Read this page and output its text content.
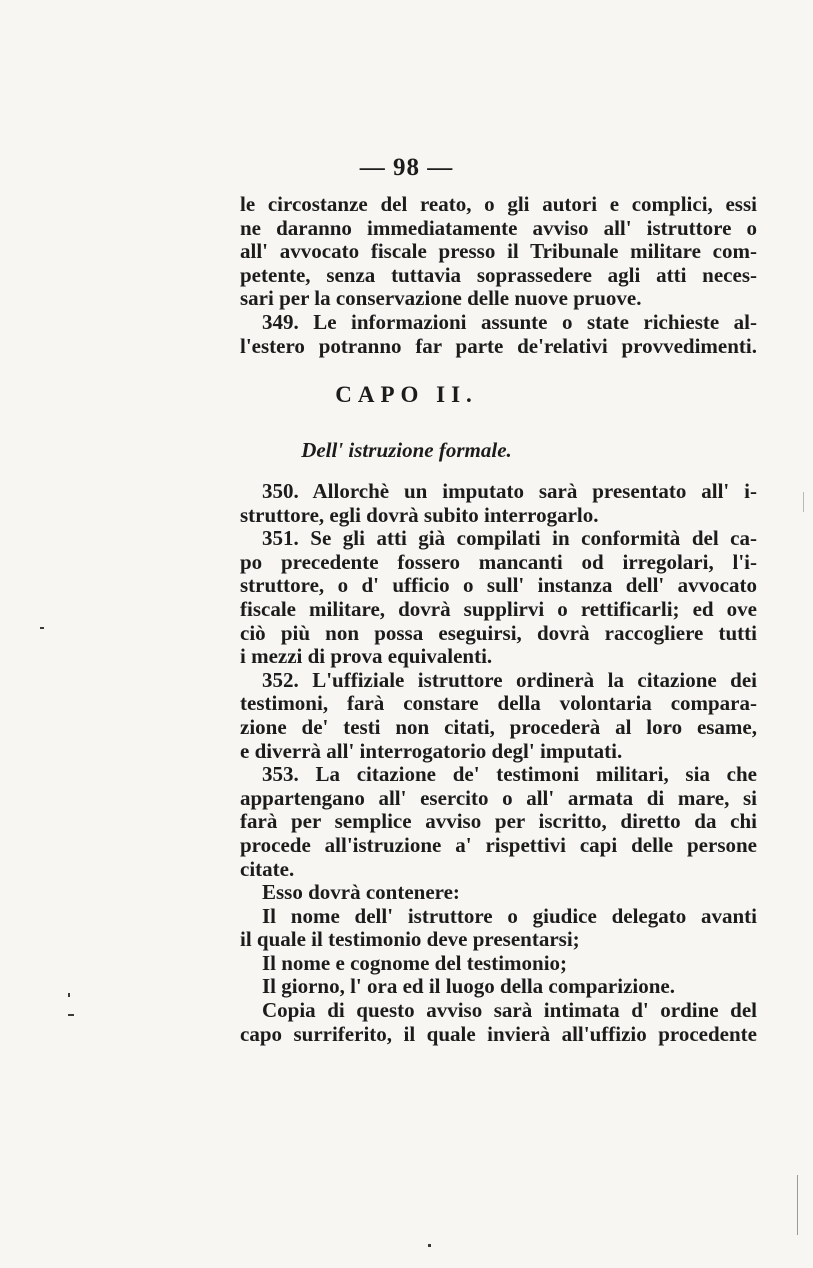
— 98 —
le circostanze del reato, o gli autori e complici, essi
ne daranno immediatamente avviso all' istruttore o
all' avvocato fiscale presso il Tribunale militare com-
petente, senza tuttavia soprassedere agli atti neces-
sari per la conservazione delle nuove pruove.
349. Le informazioni assunte o state richieste al-
l'estero potranno far parte de'relativi provvedimenti.
CAPO II.
Dell' istruzione formale.
350. Allorchè un imputato sarà presentato all' i-
struttore, egli dovrà subito interrogarlo.
351. Se gli atti già compilati in conformità del ca-
po precedente fossero mancanti od irregolari, l'i-
struttore, o d' ufficio o sull' instanza dell' avvocato
fiscale militare, dovrà supplirvi o rettificarli; ed ove
ciò più non possa eseguirsi, dovrà raccogliere tutti
i mezzi di prova equivalenti.
352. L'uffiziale istruttore ordinerà la citazione dei
testimoni, farà constare della volontaria compara-
zione de' testi non citati, procederà al loro esame,
e diverrà all' interrogatorio degl' imputati.
353. La citazione de' testimoni militari, sia che
appartengano all' esercito o all' armata di mare, si
farà per semplice avviso per iscritto, diretto da chi
procede all'istruzione a' rispettivi capi delle persone
citate.
Esso dovrà contenere:
Il nome dell' istruttore o giudice delegato avanti
il quale il testimonio deve presentarsi;
Il nome e cognome del testimonio;
Il giorno, l' ora ed il luogo della comparizione.
Copia di questo avviso sarà intimata d' ordine del
capo surriferito, il quale invierà all'uffizio procedente
